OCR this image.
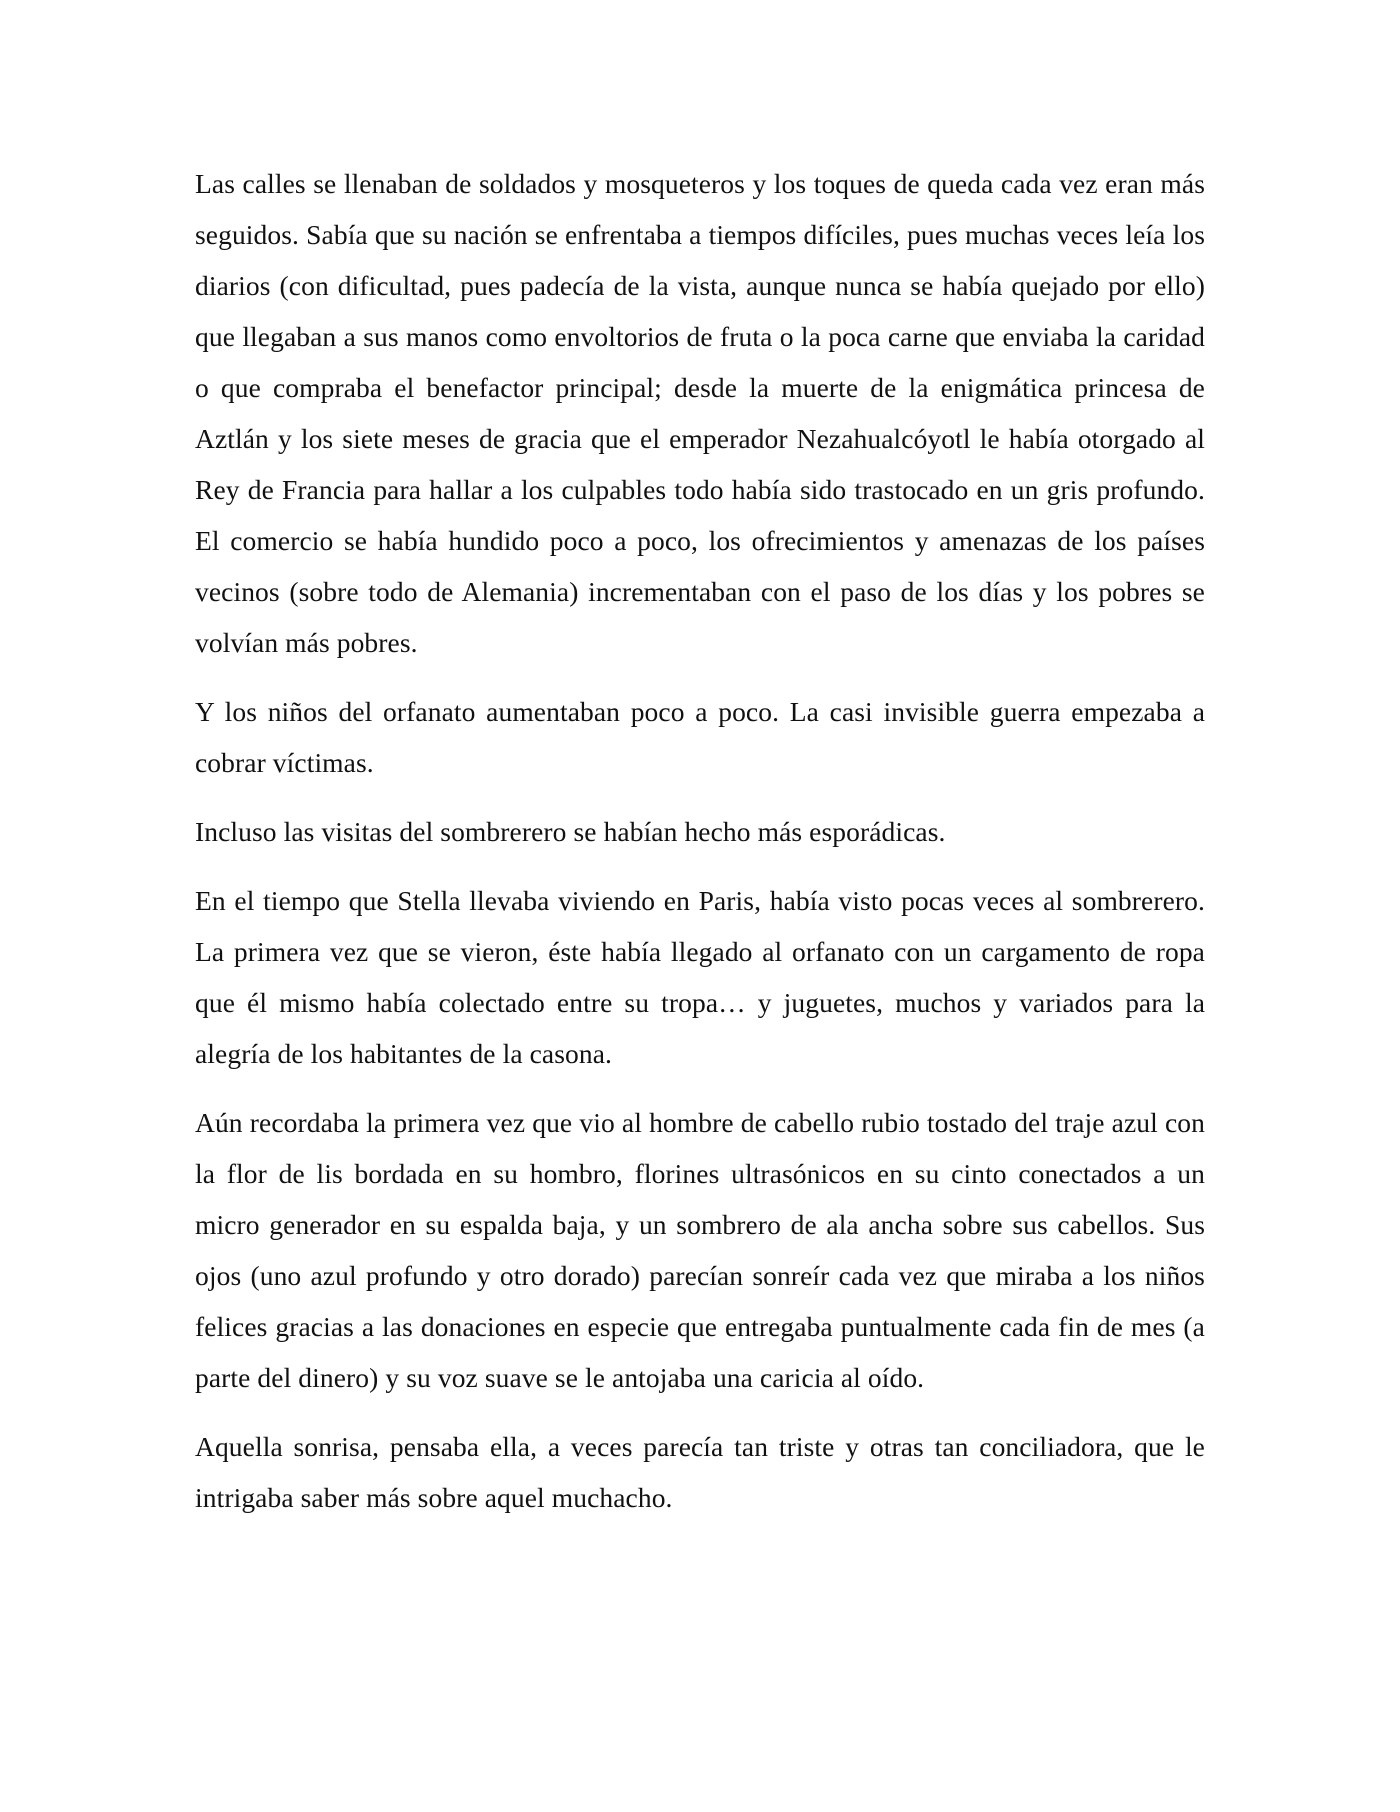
Las calles se llenaban de soldados y mosqueteros y los toques de queda cada vez eran más seguidos. Sabía que su nación se enfrentaba a tiempos difíciles, pues muchas veces leía los diarios (con dificultad, pues padecía de la vista, aunque nunca se había quejado por ello) que llegaban a sus manos como envoltorios de fruta o la poca carne que enviaba la caridad o que compraba el benefactor principal; desde la muerte de la enigmática princesa de Aztlán y los siete meses de gracia que el emperador Nezahualcóyotl le había otorgado al Rey de Francia para hallar a los culpables todo había sido trastocado en un gris profundo. El comercio se había hundido poco a poco, los ofrecimientos y amenazas de los países vecinos (sobre todo de Alemania) incrementaban con el paso de los días y los pobres se volvían más pobres.

Y los niños del orfanato aumentaban poco a poco. La casi invisible guerra empezaba a cobrar víctimas.

Incluso las visitas del sombrerero se habían hecho más esporádicas.

En el tiempo que Stella llevaba viviendo en Paris, había visto pocas veces al sombrerero. La primera vez que se vieron, éste había llegado al orfanato con un cargamento de ropa que él mismo había colectado entre su tropa… y juguetes, muchos y variados para la alegría de los habitantes de la casona.

Aún recordaba la primera vez que vio al hombre de cabello rubio tostado del traje azul con la flor de lis bordada en su hombro, florines ultrasónicos en su cinto conectados a un micro generador en su espalda baja, y un sombrero de ala ancha sobre sus cabellos. Sus ojos (uno azul profundo y otro dorado) parecían sonreír cada vez que miraba a los niños felices gracias a las donaciones en especie que entregaba puntualmente cada fin de mes (a parte del dinero) y su voz suave se le antojaba una caricia al oído.

Aquella sonrisa, pensaba ella, a veces parecía tan triste y otras tan conciliadora, que le intrigaba saber más sobre aquel muchacho.
